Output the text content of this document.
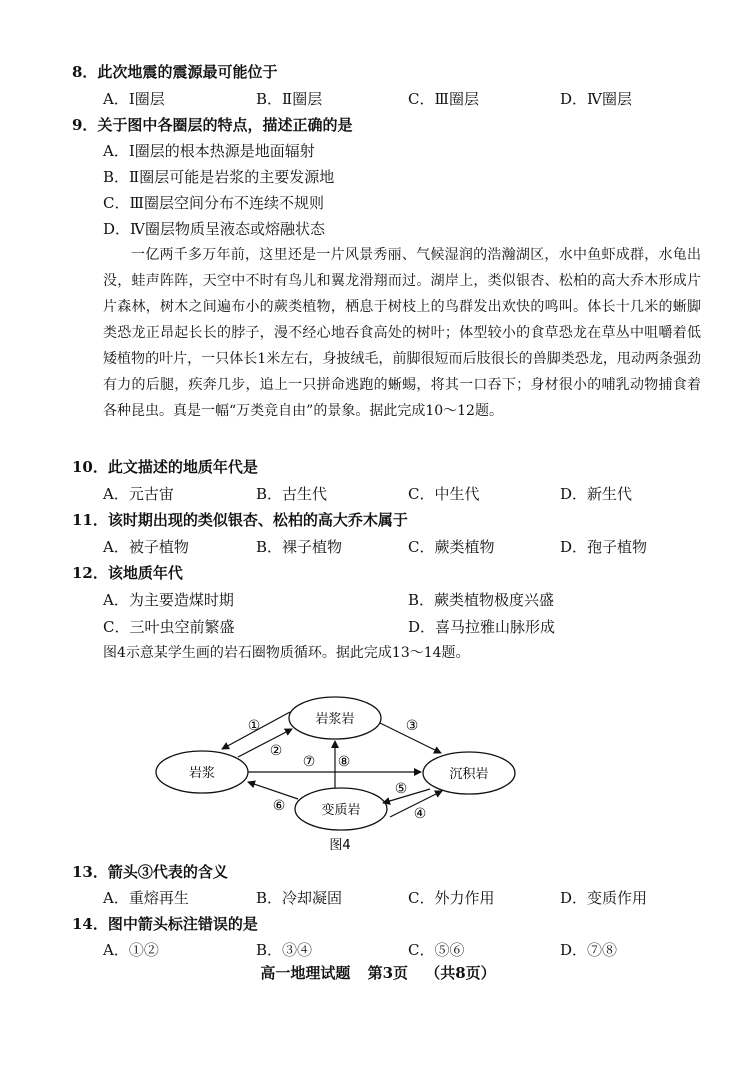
8．此次地震的震源最可能位于
A．Ⅰ圈层	B．Ⅱ圈层	C．Ⅲ圈层	D．Ⅳ圈层
9．关于图中各圈层的特点，描述正确的是
A．Ⅰ圈层的根本热源是地面辐射
B．Ⅱ圈层可能是岩浆的主要发源地
C．Ⅲ圈层空间分布不连续不规则
D．Ⅳ圈层物质呈液态或熔融状态
一亿两千多万年前，这里还是一片风景秀丽、气候湿润的浩瀚湖区，水中鱼虾成群，水龟出没，蛙声阵阵，天空中不时有鸟儿和翼龙滑翔而过。湖岸上，类似银杏、松柏的高大乔木形成片片森林，树木之间遍布小的蕨类植物，栖息于树枝上的鸟群发出欢快的鸣叫。体长十几米的蜥脚类恐龙正昂起长长的脖子，漫不经心地吞食高处的树叶；体型较小的食草恐龙在草丛中咀嚼着低矮植物的叶片，一只体长1米左右，身披绒毛，前脚很短而后肢很长的兽脚类恐龙，甩动两条强劲有力的后腿，疾奔几步，追上一只拼命逃跑的蜥蜴，将其一口吞下；身材很小的哺乳动物捕食着各种昆虫。真是一幅“万类竞自由”的景象。据此完成10～12题。
10．此文描述的地质年代是
A．元古宙	B．古生代	C．中生代	D．新生代
11．该时期出现的类似银杏、松柏的高大乔木属于
A．被子植物	B．裸子植物	C．蕨类植物	D．孢子植物
12．该地质年代
A．为主要造煤时期	B．蕨类植物极度兴盛
C．三叶虫空前繁盛	D．喜马拉雅山脉形成
图4示意某学生画的岩石圈物质循环。据此完成13～14题。
岩浆岩
岩浆	沉积岩
变质岩
①
②
③
⑦ ⑧
⑤
⑥	④
图4
13．箭头③代表的含义
A．重熔再生	B．冷却凝固	C．外力作用	D．变质作用
14．图中箭头标注错误的是
A．①②	B．③④	C．⑤⑥	D．⑦⑧
高一地理试题 第3页 （共8页）
